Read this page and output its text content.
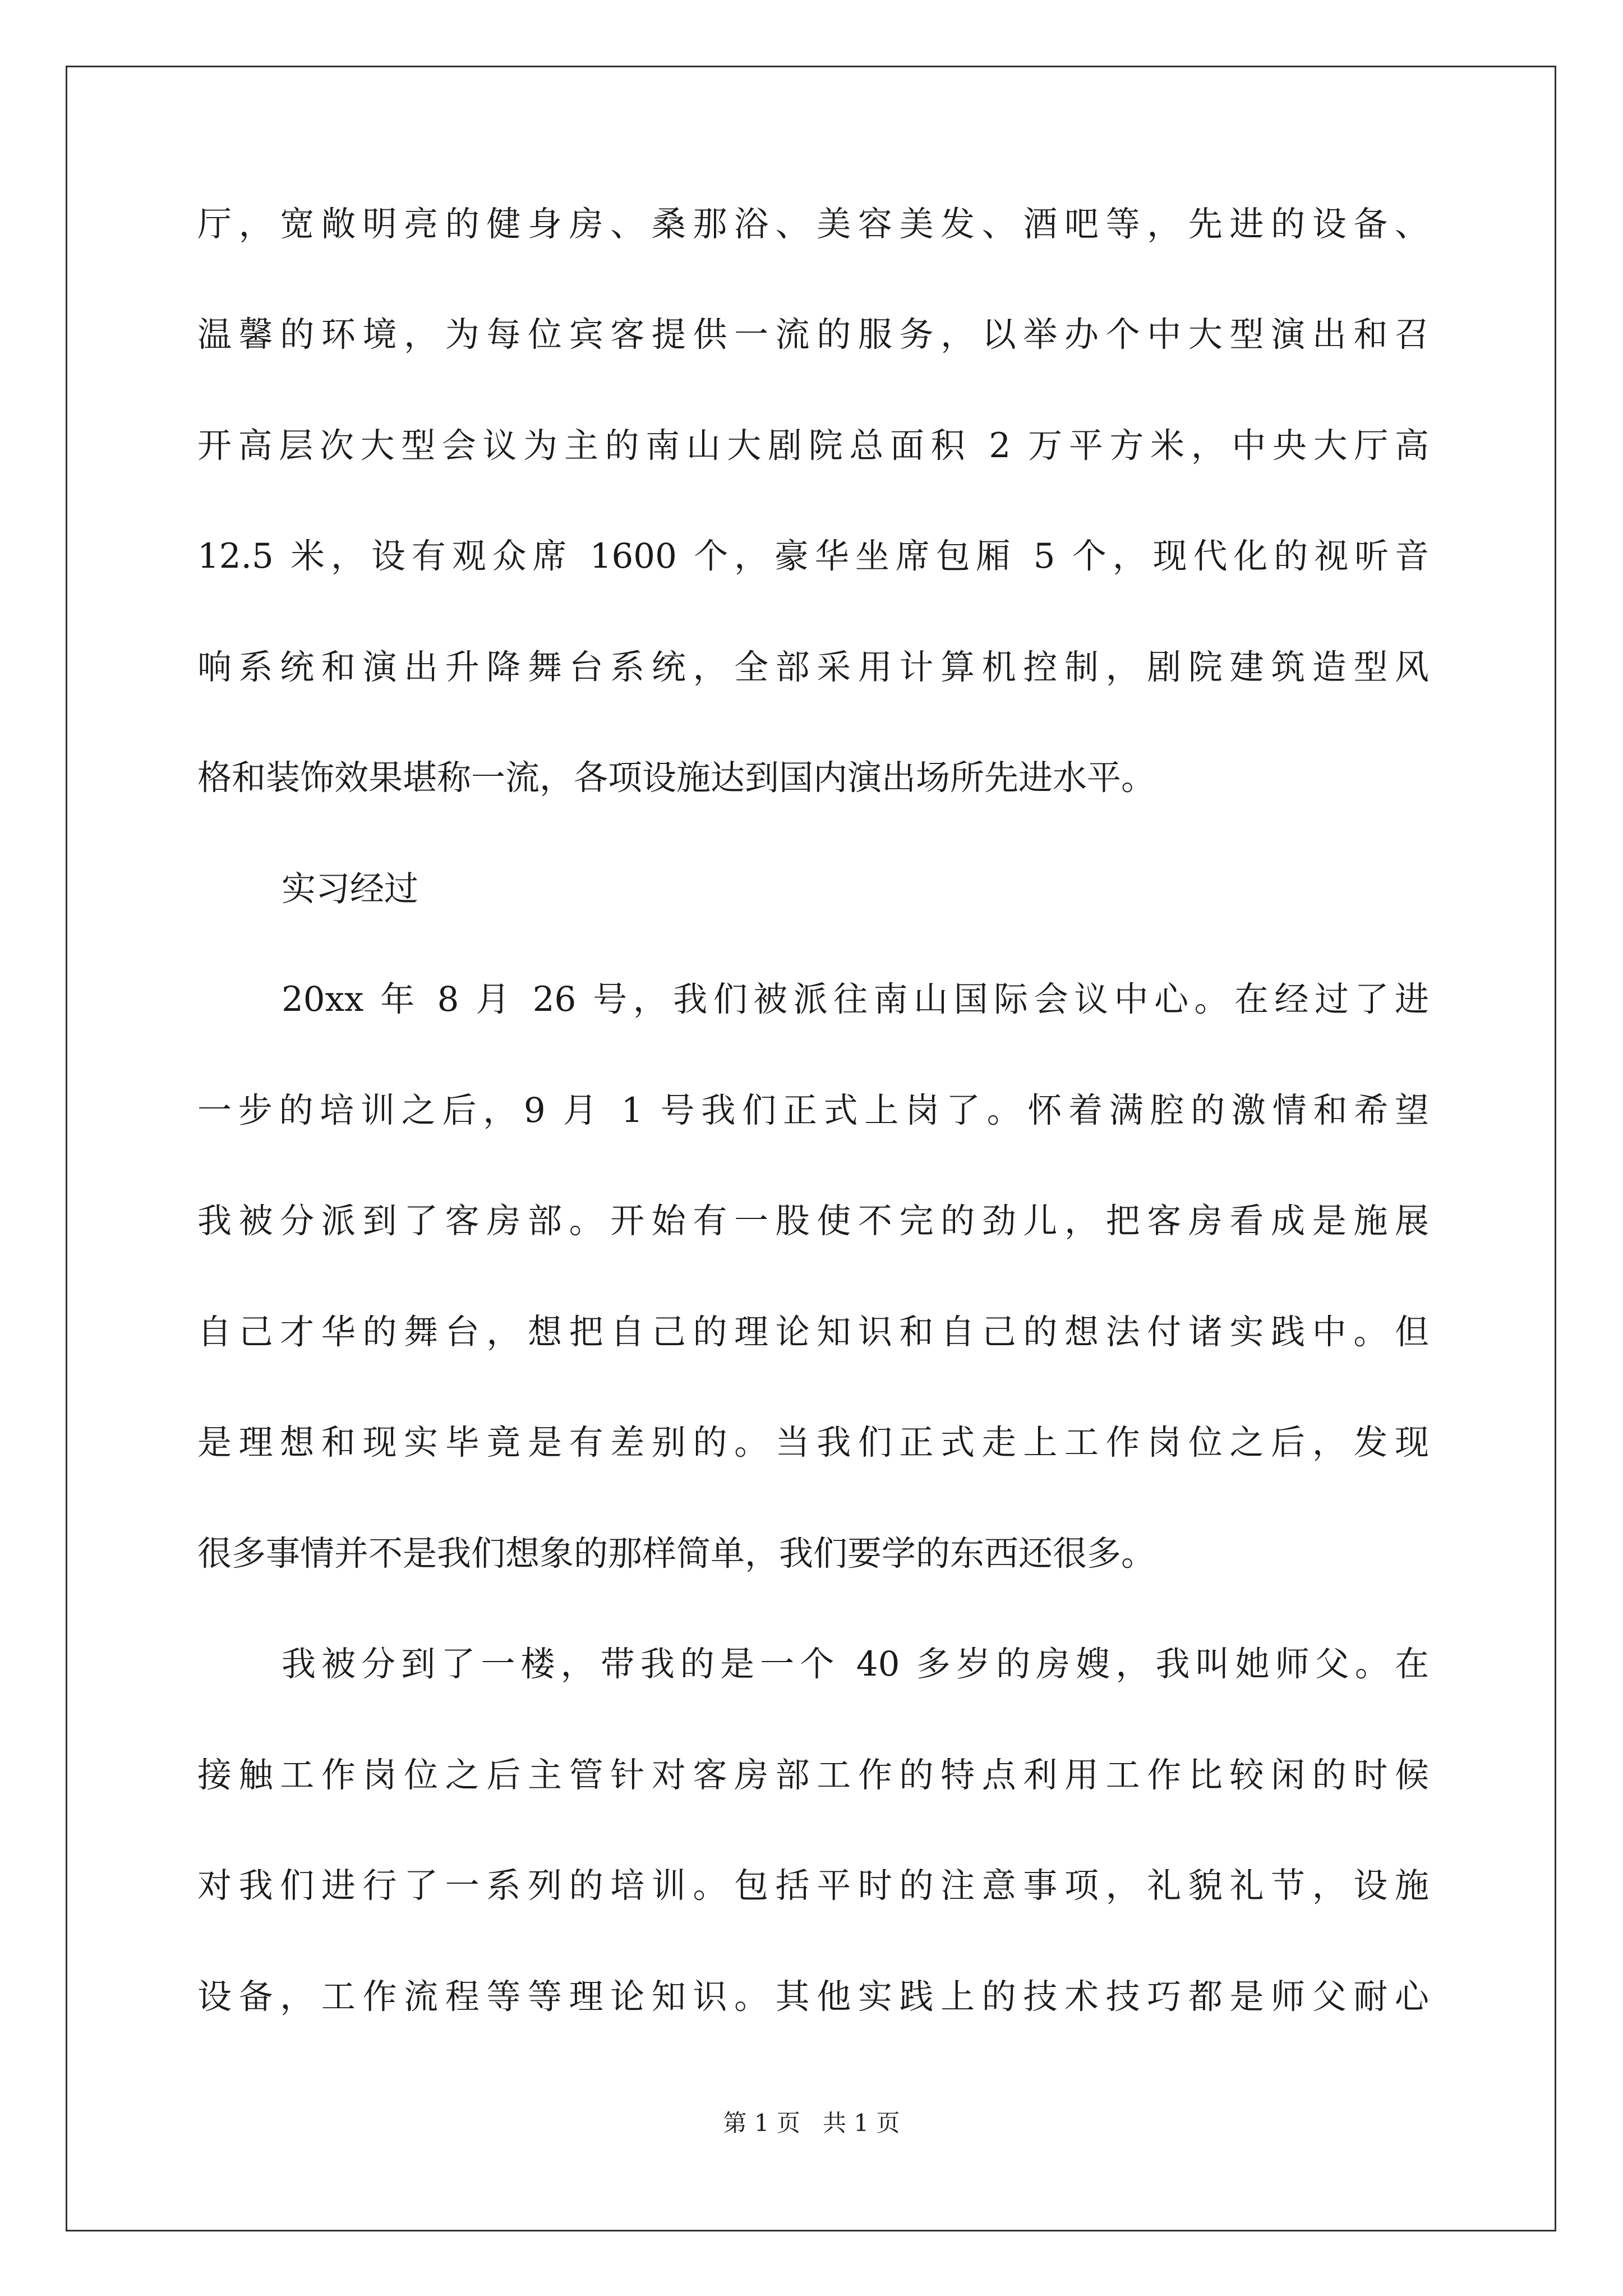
厅，宽敞明亮的健身房、桑那浴、美容美发、酒吧等，先进的设备、
温馨的环境，为每位宾客提供一流的服务，以举办个中大型演出和召
开高层次大型会议为主的南山大剧院总面积 2 万平方米，中央大厅高
12.5 米，设有观众席 1600 个，豪华坐席包厢 5 个，现代化的视听音
响系统和演出升降舞台系统，全部采用计算机控制，剧院建筑造型风
格和装饰效果堪称一流，各项设施达到国内演出场所先进水平。
实习经过
20xx 年 8 月 26 号，我们被派往南山国际会议中心。在经过了进
一步的培训之后，9 月 1 号我们正式上岗了。怀着满腔的激情和希望
我被分派到了客房部。开始有一股使不完的劲儿，把客房看成是施展
自己才华的舞台，想把自己的理论知识和自己的想法付诸实践中。但
是理想和现实毕竟是有差别的。当我们正式走上工作岗位之后，发现
很多事情并不是我们想象的那样简单，我们要学的东西还很多。
我被分到了一楼，带我的是一个 40 多岁的房嫂，我叫她师父。在
接触工作岗位之后主管针对客房部工作的特点利用工作比较闲的时候
对我们进行了一系列的培训。包括平时的注意事项，礼貌礼节，设施
设备，工作流程等等理论知识。其他实践上的技术技巧都是师父耐心
第 1 页   共 1 页
